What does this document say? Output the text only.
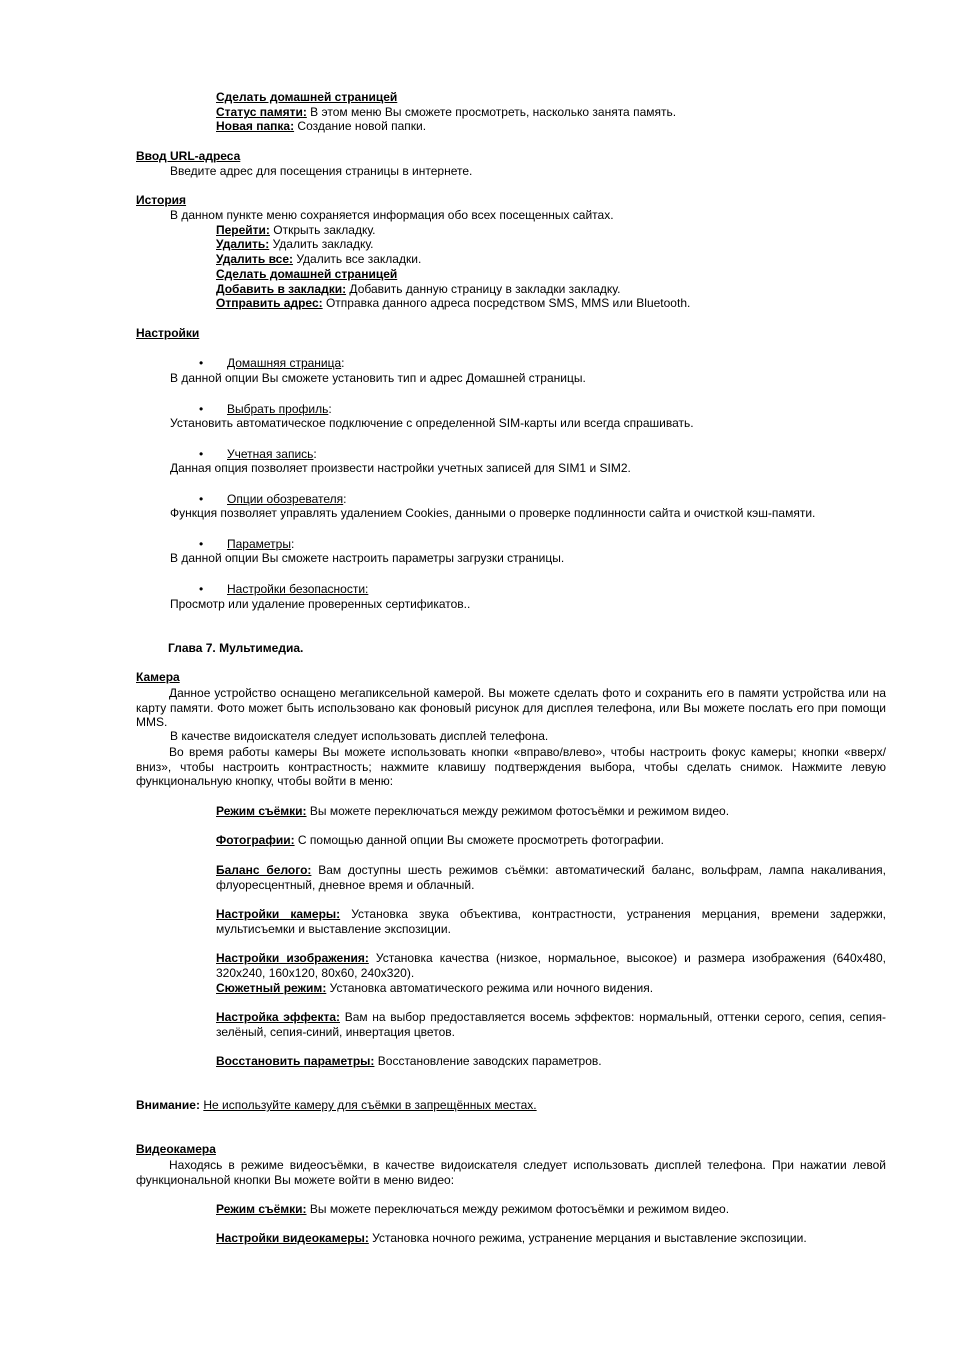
Сделать домашней страницей
Статус памяти: В этом меню Вы сможете просмотреть, насколько занята память.
Новая папка: Создание новой папки.
Ввод URL-адреса
Введите адрес для посещения страницы в интернете.
История
В данном пункте меню сохраняется информация обо всех посещенных сайтах.
Перейти: Открыть закладку.
Удалить: Удалить закладку.
Удалить все: Удалить все закладки.
Сделать домашней страницей
Добавить в закладки: Добавить данную страницу в закладки закладку.
Отправить адрес: Отправка данного адреса посредством SMS, MMS или Bluetooth.
Настройки
• Домашняя страница:
В данной опции Вы сможете установить тип и адрес Домашней страницы.
• Выбрать профиль:
Установить автоматическое подключение с определенной SIM-карты или всегда спрашивать.
• Учетная запись:
Данная опция позволяет произвести настройки учетных записей для SIM1 и SIM2.
• Опции обозревателя:
Функция позволяет управлять удалением Cookies, данными о проверке подлинности сайта и очисткой кэш-памяти.
• Параметры:
В данной опции Вы сможете настроить параметры загрузки страницы.
• Настройки безопасности:
Просмотр или удаление проверенных сертификатов..
Глава 7. Мультимедиа.
Камера
Данное устройство оснащено мегапиксельной камерой. Вы можете сделать фото и сохранить его в памяти устройства или на карту памяти. Фото может быть использовано как фоновый рисунок для дисплея телефона, или Вы можете послать его при помощи MMS.
В качестве видоискателя следует использовать дисплей телефона.
Во время работы камеры Вы можете использовать кнопки «вправо/влево», чтобы настроить фокус камеры; кнопки «вверх/вниз», чтобы настроить контрастность; нажмите клавишу подтверждения выбора, чтобы сделать снимок. Нажмите левую функциональную кнопку, чтобы войти в меню:
Режим съёмки: Вы можете переключаться между режимом фотосъёмки и режимом видео.
Фотографии: С помощью данной опции Вы сможете просмотреть фотографии.
Баланс белого: Вам доступны шесть режимов съёмки: автоматический баланс, вольфрам, лампа накаливания, флуоресцентный, дневное время и облачный.
Настройки камеры: Установка звука объектива, контрастности, устранения мерцания, времени задержки, мультисъемки и выставление экспозиции.
Настройки изображения: Установка качества (низкое, нормальное, высокое) и размера изображения (640x480, 320x240, 160x120, 80x60, 240x320).
Сюжетный режим: Установка автоматического режима или ночного видения.
Настройка эффекта: Вам на выбор предоставляется восемь эффектов: нормальный, оттенки серого, сепия, сепия-зелёный, сепия-синий, инвертация цветов.
Восстановить параметры: Восстановление заводских параметров.
Внимание: Не используйте камеру для съёмки в запрещённых местах.
Видеокамера
Находясь в режиме видеосъёмки, в качестве видоискателя следует использовать дисплей телефона. При нажатии левой функциональной кнопки Вы можете войти в меню видео:
Режим съёмки: Вы можете переключаться между режимом фотосъёмки и режимом видео.
Настройки видеокамеры: Установка ночного режима, устранение мерцания и выставление экспозиции.
